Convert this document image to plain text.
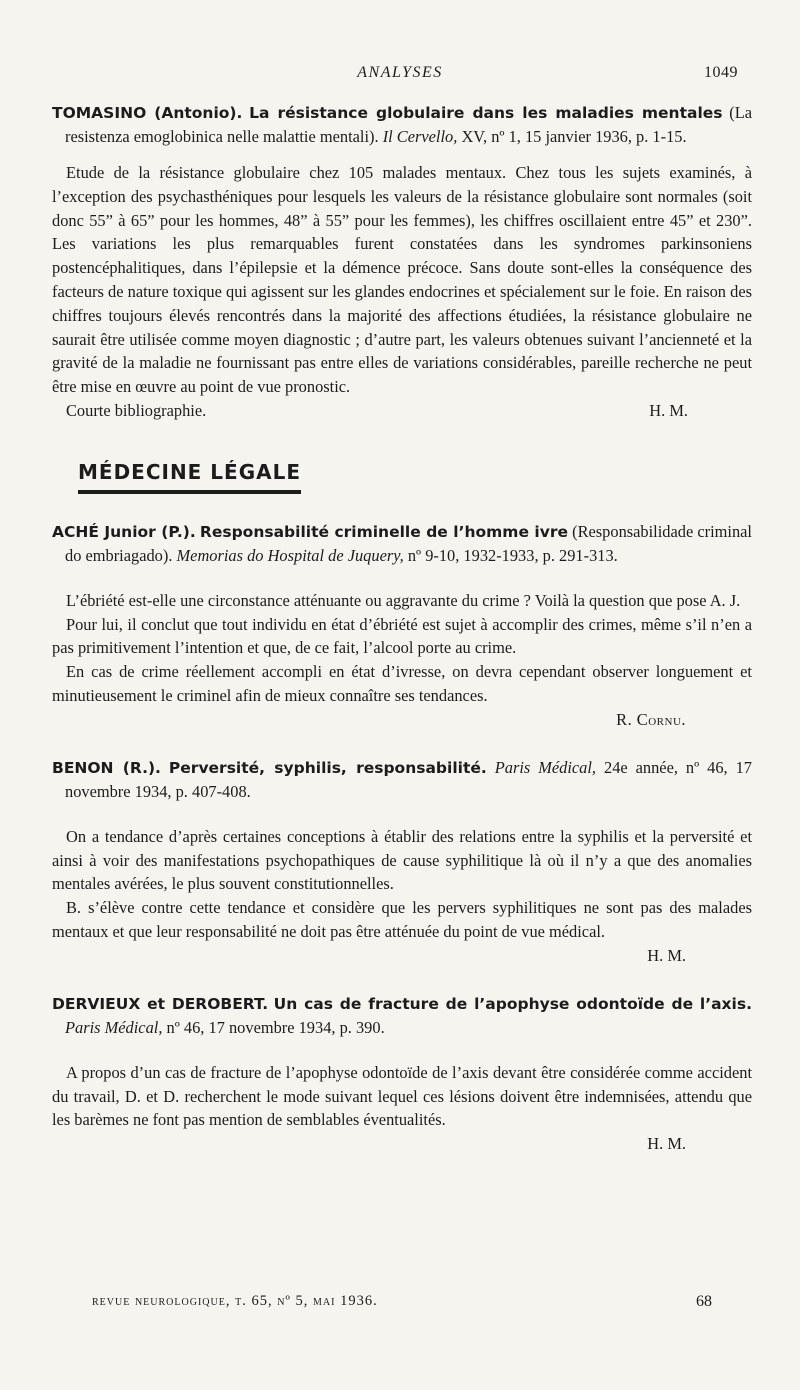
ANALYSES	1049

TOMASINO (Antonio). La résistance globulaire dans les maladies mentales (La resistenza emoglobinica nelle malattie mentali). Il Cervello, XV, nº 1, 15 janvier 1936, p. 1-15.

Etude de la résistance globulaire chez 105 malades mentaux. Chez tous les sujets examinés, à l’exception des psychasthéniques pour lesquels les valeurs de la résistance globulaire sont normales (soit donc 55” à 65” pour les hommes, 48” à 55” pour les femmes), les chiffres oscillaient entre 45” et 230”. Les variations les plus remarquables furent constatées dans les syndromes parkinsoniens postencéphalitiques, dans l’épilepsie et la démence précoce. Sans doute sont-elles la conséquence des facteurs de nature toxique qui agissent sur les glandes endocrines et spécialement sur le foie. En raison des chiffres toujours élevés rencontrés dans la majorité des affections étudiées, la résistance globulaire ne saurait être utilisée comme moyen diagnostic ; d’autre part, les valeurs obtenues suivant l’ancienneté et la gravité de la maladie ne fournissant pas entre elles de variations considérables, pareille recherche ne peut être mise en œuvre au point de vue pronostic.

Courte bibliographie.	H. M.
MÉDECINE LÉGALE

ACHÉ Junior (P.). Responsabilité criminelle de l’homme ivre (Responsabilidade criminal do embriagado). Memorias do Hospital de Juquery, nº 9-10, 1932-1933, p. 291-313.

L’ébriété est-elle une circonstance atténuante ou aggravante du crime ? Voilà la question que pose A. J.

Pour lui, il conclut que tout individu en état d’ébriété est sujet à accomplir des crimes, même s’il n’en a pas primitivement l’intention et que, de ce fait, l’alcool porte au crime.

En cas de crime réellement accompli en état d’ivresse, on devra cependant observer longuement et minutieusement le criminel afin de mieux connaître ses tendances.

R. Cornu.

BENON (R.). Perversité, syphilis, responsabilité. Paris Médical, 24e année, nº 46, 17 novembre 1934, p. 407-408.

On a tendance d’après certaines conceptions à établir des relations entre la syphilis et la perversité et ainsi à voir des manifestations psychopathiques de cause syphilitique là où il n’y a que des anomalies mentales avérées, le plus souvent constitutionnelles.

B. s’élève contre cette tendance et considère que les pervers syphilitiques ne sont pas des malades mentaux et que leur responsabilité ne doit pas être atténuée du point de vue médical.

H. M.

DERVIEUX et DEROBERT. Un cas de fracture de l’apophyse odontoïde de l’axis. Paris Médical, nº 46, 17 novembre 1934, p. 390.

A propos d’un cas de fracture de l’apophyse odontoïde de l’axis devant être considérée comme accident du travail, D. et D. recherchent le mode suivant lequel ces lésions doivent être indemnisées, attendu que les barèmes ne font pas mention de semblables éventualités.

H. M.
revue neurologique, t. 65, nº 5, mai 1936.	68
